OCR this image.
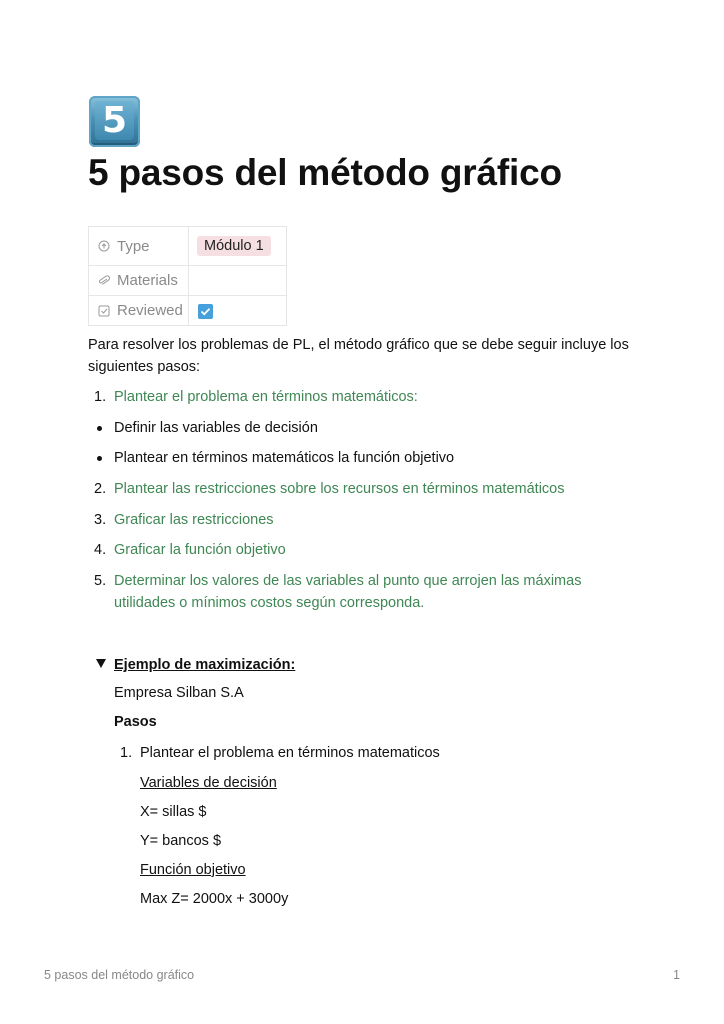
5
5 pasos del método gráfico
Type	Módulo 1

Materials	

Reviewed

Para resolver los problemas de PL, el método gráfico que se debe seguir incluye los siguientes pasos:

1. Plantear el problema en términos matemáticos:
Definir las variables de decisión
Plantear en términos matemáticos la función objetivo
2. Plantear las restricciones sobre los recursos en términos matemáticos
3. Graficar las restricciones
4. Graficar la función objetivo
5. Determinar los valores de las variables al punto que arrojen las máximas utilidades o mínimos costos según corresponda.
Ejemplo de maximización:
Empresa Silban S.A
Pasos
1. Plantear el problema en términos matematicos
Variables de decisión
X= sillas $
Y= bancos $
Función objetivo
Max Z= 2000x + 3000y
5 pasos del método gráfico	1
